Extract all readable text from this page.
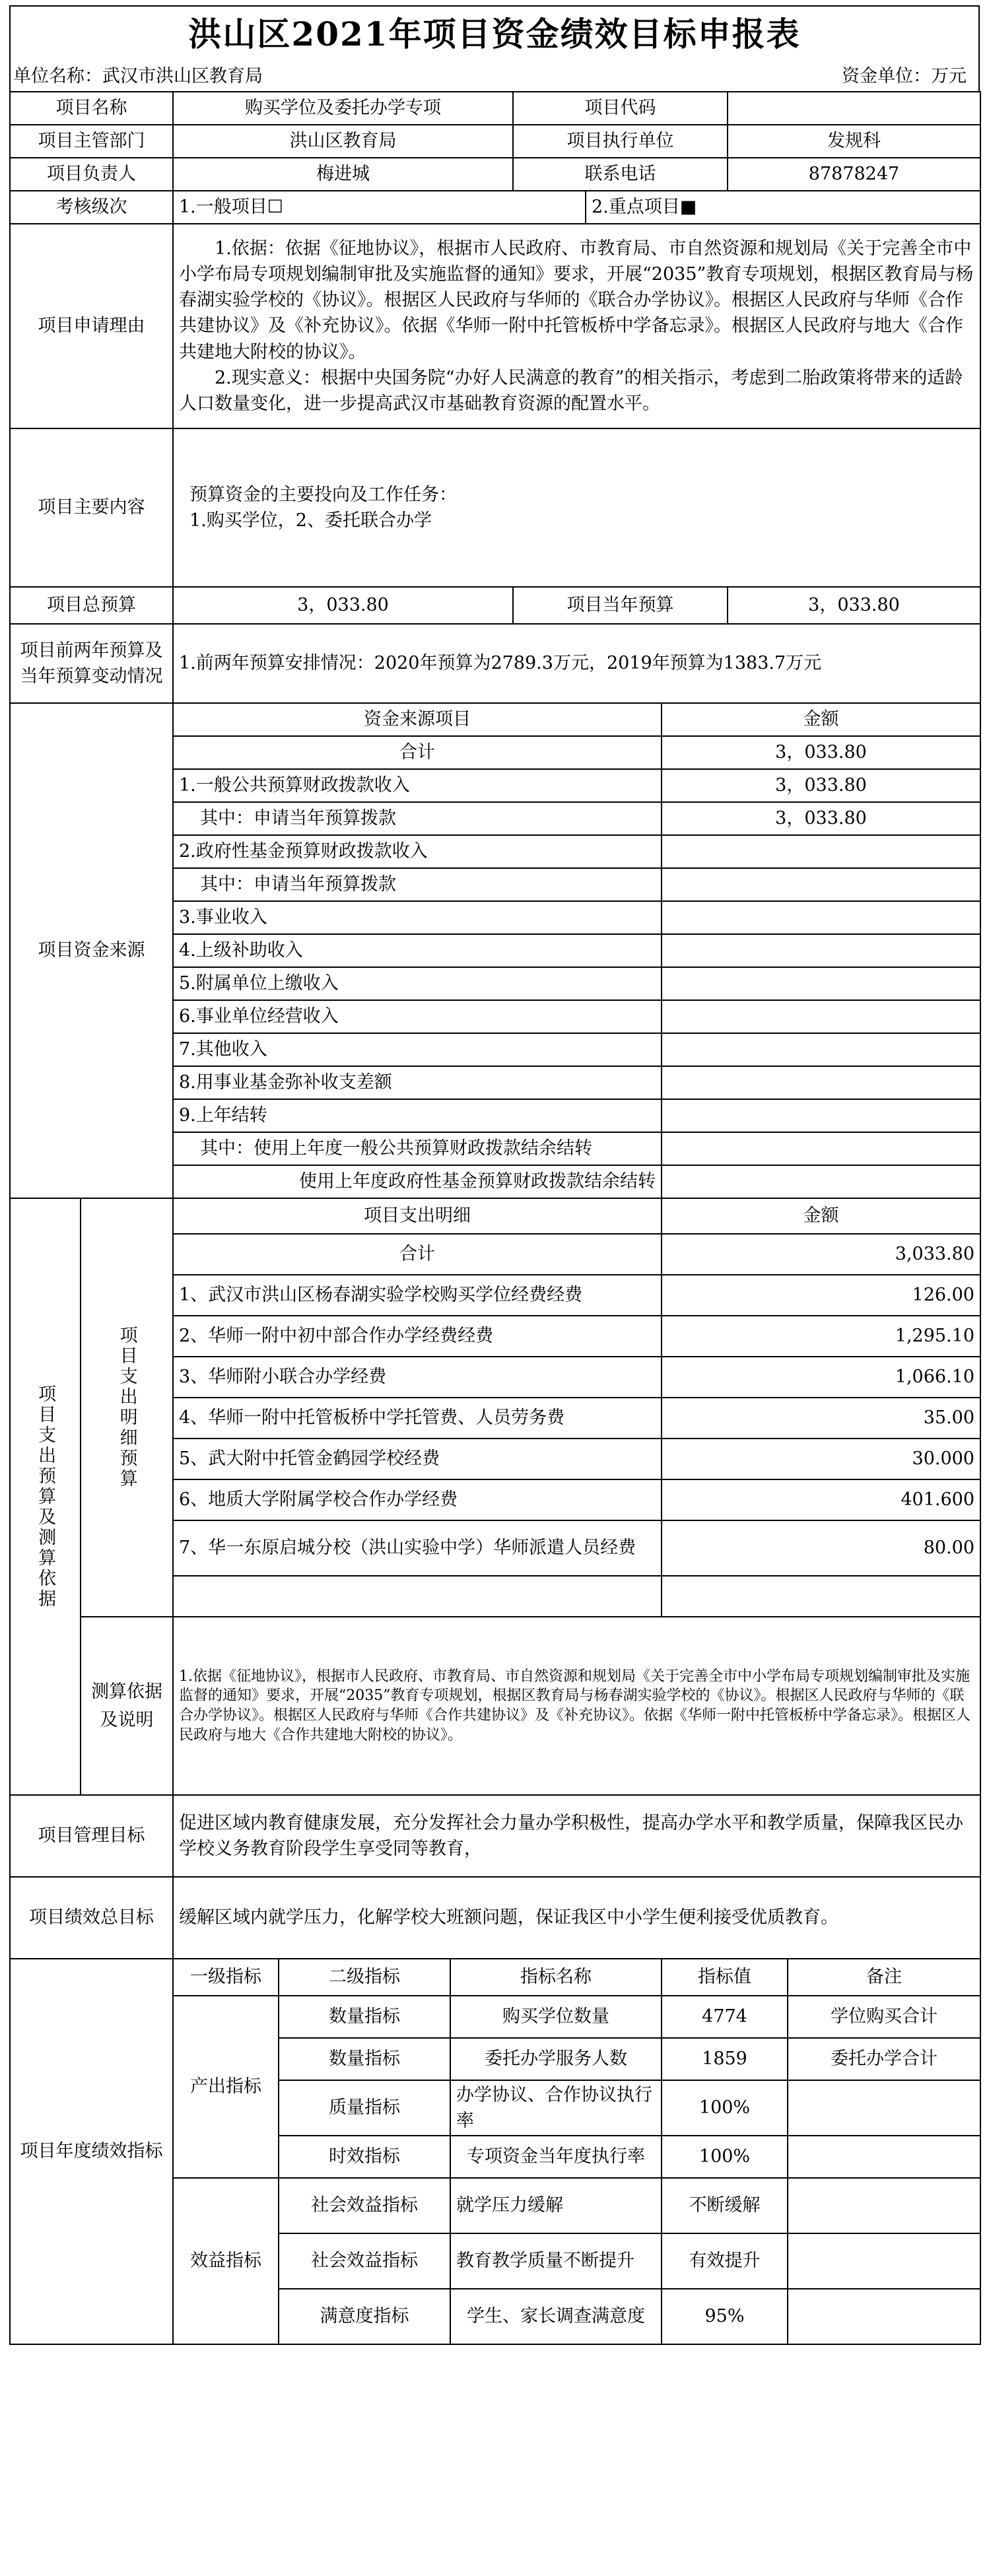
洪山区2021年项目资金绩效目标申报表
单位名称：武汉市洪山区教育局	资金单位：万元
项目名称		购买学位及委托办学专项			项目代码				
项目主管部门		洪山区教育局			项目执行单位			发规科	
项目负责人		梅进城			联系电话			87878247	
考核级次		1.一般项目☐				2.重点项目■			
项目申请理由		1.依据：依据《征地协议》，根据市人民政府、市教育局、市自然资源和规划局《关于完善全市中小学布局专项规划编制审批及实施监督的通知》要求，开展“2035”教育专项规划，根据区教育局与杨春湖实验学校的《协议》。根据区人民政府与华师的《联合办学协议》。根据区人民政府与华师《合作共建协议》及《补充协议》。依据《华师一附中托管板桥中学备忘录》。根据区人民政府与地大《合作共建地大附校的协议》。

2.现实意义：根据中央国务院“办好人民满意的教育”的相关指示，考虑到二胎政策将带来的适龄人口数量变化，进一步提高武汉市基础教育资源的配置水平。							

项目主要内容		预算资金的主要投向及工作任务：
1.购买学位，2、委托联合办学							

项目总预算		3，033.80			项目当年预算			3，033.80	
项目前两年预算及当年预算变动情况		1.前两年预算安排情况：2020年预算为2789.3万元，2019年预算为1383.7万元							
项目资金来源		资金来源项目					金额		
		合计					3，033.80		
		1.一般公共预算财政拨款收入					3，033.80		
		其中：申请当年预算拨款					3，033.80		
		2.政府性基金预算财政拨款收入							
		其中：申请当年预算拨款							
		3.事业收入							
		4.上级补助收入							
		5.附属单位上缴收入							
		6.事业单位经营收入							
		7.其他收入							
		8.用事业基金弥补收支差额							
		9.上年结转							
		其中：使用上年度一般公共预算财政拨款结余结转							
		使用上年度政府性基金预算财政拨款结余结转							

项目支出预算及测算依据	项目支出明细预算	项目支出明细					金额		
		合计					3,033.80		
		1、武汉市洪山区杨春湖实验学校购买学位经费经费					126.00		
		2、华师一附中初中部合作办学经费经费					1,295.10		
		3、华师附小联合办学经费					1,066.10		
		4、华师一附中托管板桥中学托管费、人员劳务费					35.00		
		5、武大附中托管金鹤园学校经费					30.000		
		6、地质大学附属学校合作办学经费					401.600		
		7、华一东原启城分校（洪山实验中学）华师派遣人员经费					80.00		

	测算依据及说明	1.依据《征地协议》，根据市人民政府、市教育局、市自然资源和规划局《关于完善全市中小学布局专项规划编制审批及实施监督的通知》要求，开展“2035”教育专项规划，根据区教育局与杨春湖实验学校的《协议》。根据区人民政府与华师的《联合办学协议》。根据区人民政府与华师《合作共建协议》及《补充协议》。依据《华师一附中托管板桥中学备忘录》。根据区人民政府与地大《合作共建地大附校的协议》。							

项目管理目标		促进区域内教育健康发展，充分发挥社会力量办学积极性，提高办学水平和教学质量，保障我区民办学校义务教育阶段学生享受同等教育，							
项目绩效总目标		缓解区域内就学压力，化解学校大班额问题，保证我区中小学生便利接受优质教育。							
项目年度绩效指标		一级指标	二级指标	指标名称			指标值		备注
		产出指标	数量指标	购买学位数量			4774		学位购买合计
			数量指标	委托办学服务人数			1859		委托办学合计
			质量指标	办学协议、合作协议执行率			100%		
			时效指标	专项资金当年度执行率			100%		
		效益指标	社会效益指标	就学压力缓解			不断缓解		
			社会效益指标	教育教学质量不断提升			有效提升		
			满意度指标	学生、家长调查满意度			95%		
